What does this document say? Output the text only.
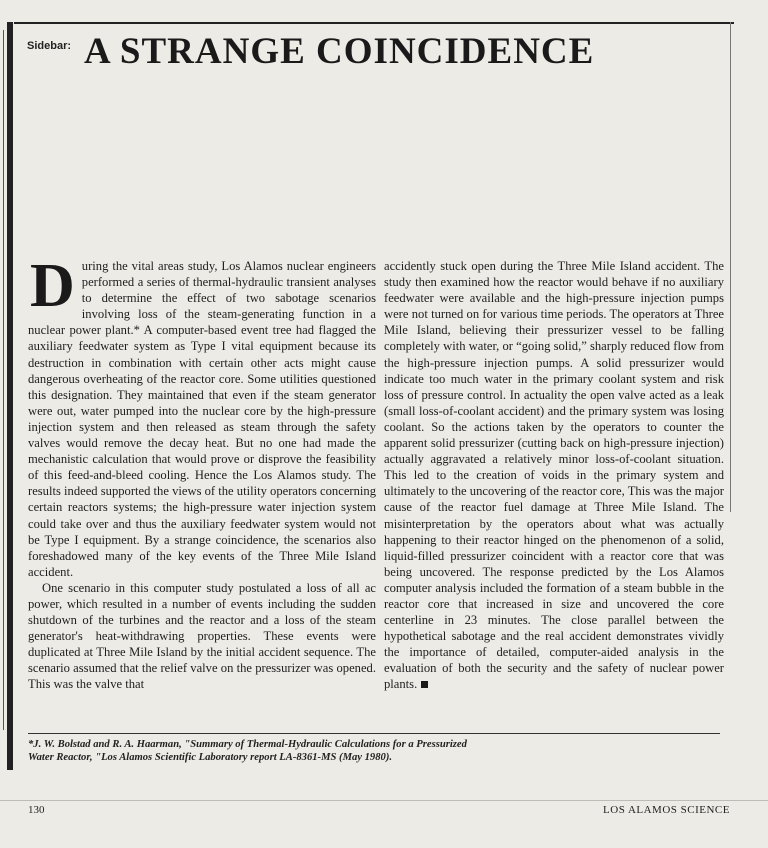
Sidebar: A STRANGE COINCIDENCE

During the vital areas study, Los Alamos nuclear engineers performed a series of thermal-hydraulic transient analyses to determine the effect of two sabotage scenarios involving loss of the steam-generating function in a nuclear power plant.* A computer-based event tree had flagged the auxiliary feedwater system as Type I vital equipment because its destruction in combination with certain other acts might cause dangerous overheating of the reactor core. Some utilities questioned this designation. They maintained that even if the steam generator were out, water pumped into the nuclear core by the high-pressure injection system and then released as steam through the safety valves would remove the decay heat. But no one had made the mechanistic calculation that would prove or disprove the feasibility of this feed-and-bleed cooling. Hence the Los Alamos study. The results indeed supported the views of the utility operators concerning certain reactors systems; the high-pressure water injection system could take over and thus the auxiliary feedwater system would not be Type I equipment. By a strange coincidence, the scenarios also foreshadowed many of the key events of the Three Mile Island accident.

One scenario in this computer study postulated a loss of all ac power, which resulted in a number of events including the sudden shutdown of the turbines and the reactor and a loss of the steam generator's heat-withdrawing properties. These events were duplicated at Three Mile Island by the initial accident sequence. The scenario assumed that the relief valve on the pressurizer was opened. This was the valve that

accidently stuck open during the Three Mile Island accident. The study then examined how the reactor would behave if no auxiliary feedwater were available and the high-pressure injection pumps were not turned on for various time periods. The operators at Three Mile Island, believing their pressurizer vessel to be falling completely with water, or “going solid,” sharply reduced flow from the high-pressure injection pumps. A solid pressurizer would indicate too much water in the primary coolant system and risk loss of pressure control. In actuality the open valve acted as a leak (small loss-of-coolant accident) and the primary system was losing coolant. So the actions taken by the operators to counter the apparent solid pressurizer (cutting back on high-pressure injection) actually aggravated a relatively minor loss-of-coolant situation. This led to the creation of voids in the primary system and ultimately to the uncovering of the reactor core, This was the major cause of the reactor fuel damage at Three Mile Island. The misinterpretation by the operators about what was actually happening to their reactor hinged on the phenomenon of a solid, liquid-filled pressurizer coincident with a reactor core that was being uncovered. The response predicted by the Los Alamos computer analysis included the formation of a steam bubble in the reactor core that increased in size and uncovered the core centerline in 23 minutes. The close parallel between the hypothetical sabotage and the real accident demonstrates vividly the importance of detailed, computer-aided analysis in the evaluation of both the security and the safety of nuclear power plants.

*J. W. Bolstad and R. A. Haarman, "Summary of Thermal-Hydraulic Calculations for a Pressurized
Water Reactor, "Los Alamos Scientific Laboratory report LA-8361-MS (May 1980).
130	LOS ALAMOS SCIENCE
